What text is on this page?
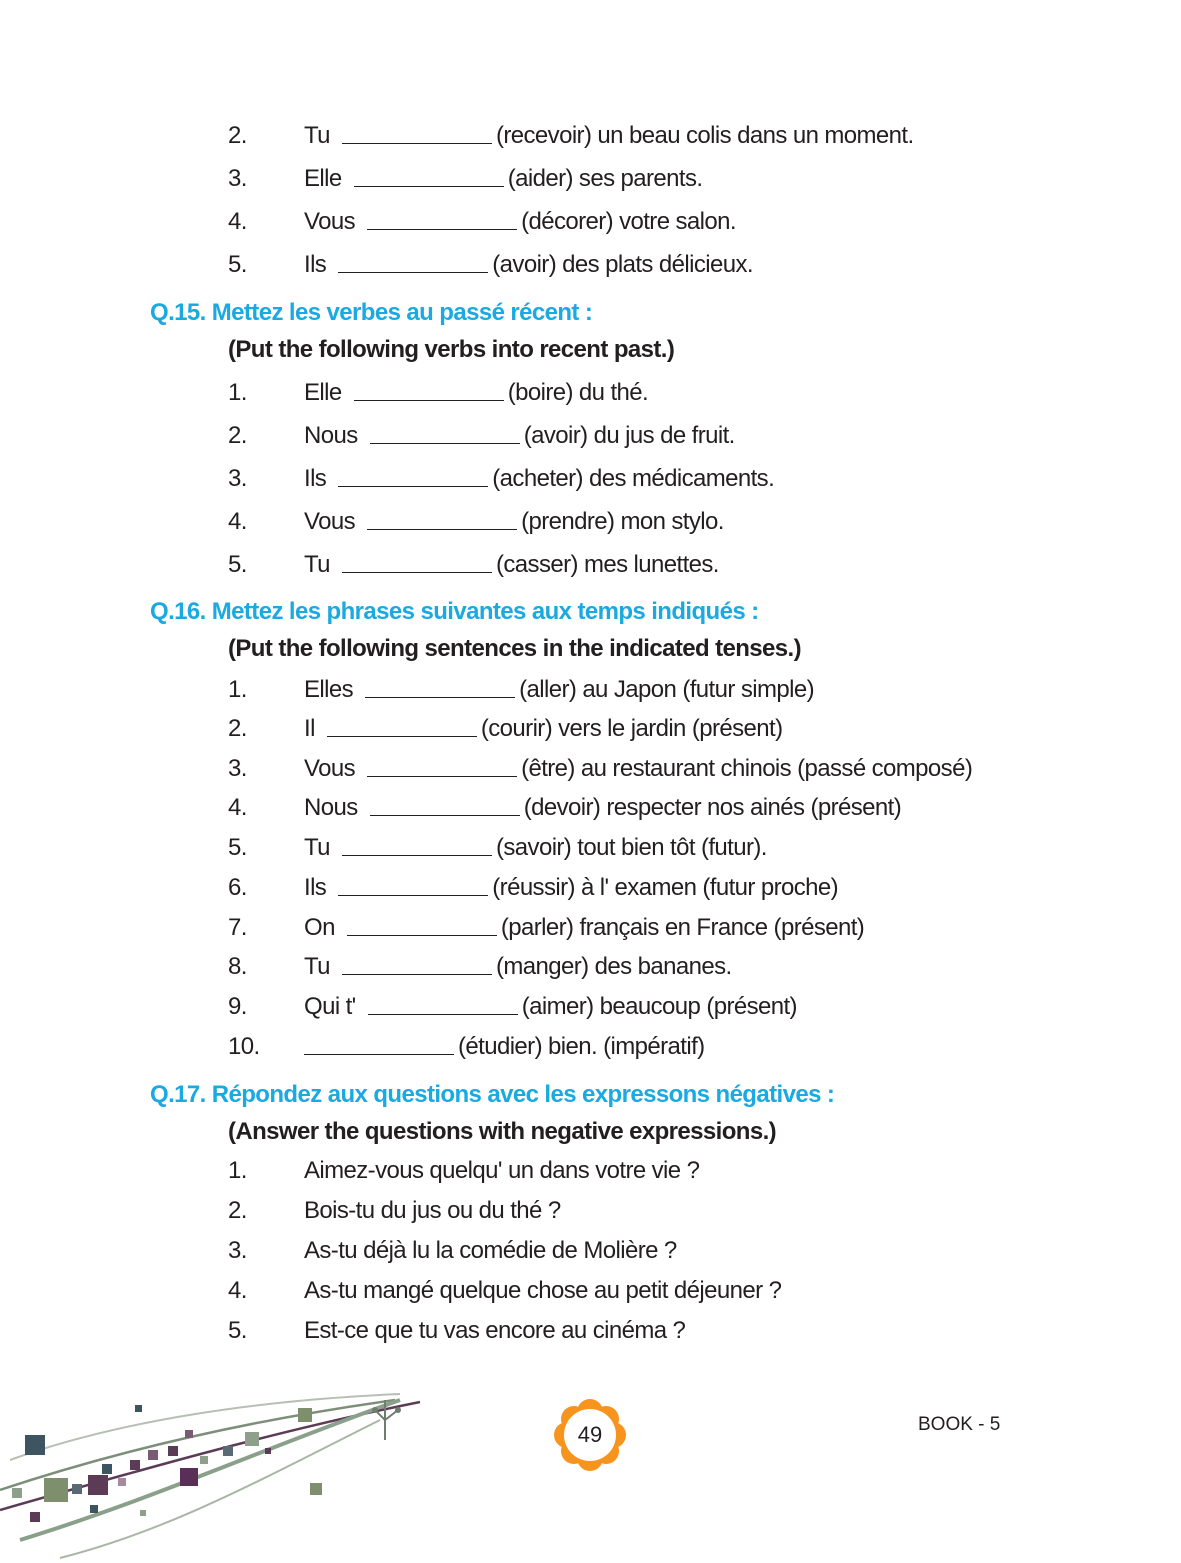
2. Tu	(recevoir) un beau colis dans un moment.
3. Elle	(aider) ses parents.
4. Vous	(décorer) votre salon.
5. Ils	(avoir) des plats délicieux.
Q.15. Mettez les verbes au passé récent :
(Put the following verbs into recent past.)
1. Elle	(boire) du thé.
2. Nous	(avoir) du jus de fruit.
3. Ils	(acheter) des médicaments.
4. Vous	(prendre) mon stylo.
5. Tu	(casser) mes lunettes.
Q.16. Mettez les phrases suivantes aux temps indiqués :
(Put the following sentences in the indicated tenses.)
1. Elles	(aller) au Japon (futur simple)
2. Il	(courir) vers le jardin (présent)
3. Vous	(être) au restaurant chinois (passé composé)
4. Nous	(devoir) respecter nos ainés (présent)
5. Tu	(savoir) tout bien tôt (futur).
6. Ils	(réussir) à l' examen (futur proche)
7. On	(parler) français en France (présent)
8. Tu	(manger) des bananes.
9. Qui t'	(aimer) beaucoup (présent)
10.	(étudier) bien. (impératif)
Q.17. Répondez aux questions avec les expressons négatives :
(Answer the questions with negative expressions.)
1. Aimez-vous quelqu' un dans votre vie ?
2. Bois-tu du jus ou du thé ?
3. As-tu déjà lu la comédie de Molière ?
4. As-tu mangé quelque chose au petit déjeuner ?
5. Est-ce que tu vas encore au cinéma ?
49	BOOK - 5
